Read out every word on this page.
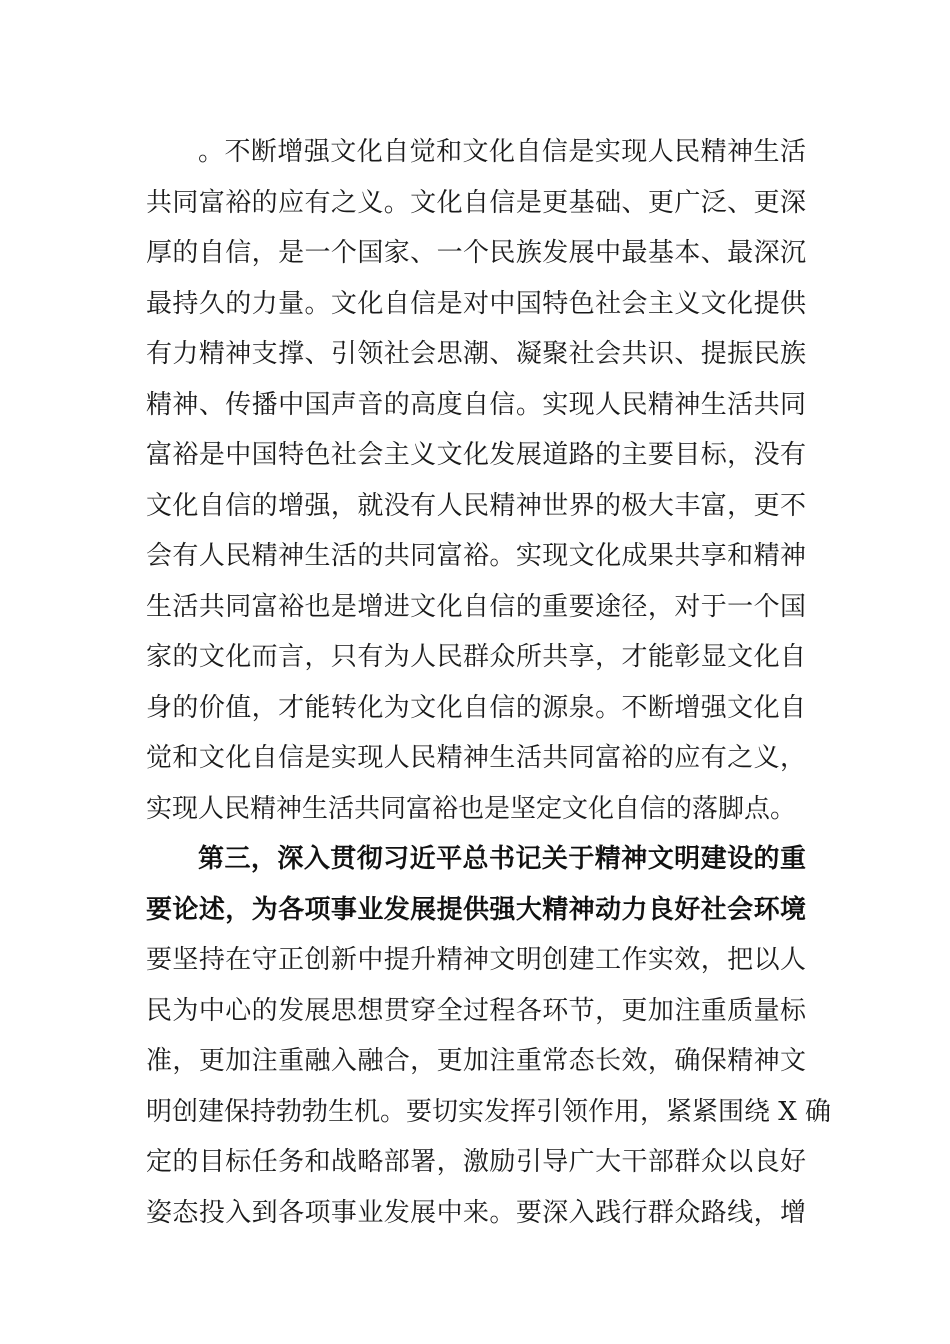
。不断增强文化自觉和文化自信是实现人民精神生活
共同富裕的应有之义。文化自信是更基础、更广泛、更深
厚的自信，是一个国家、一个民族发展中最基本、最深沉
最持久的力量。文化自信是对中国特色社会主义文化提供
有力精神支撑、引领社会思潮、凝聚社会共识、提振民族
精神、传播中国声音的高度自信。实现人民精神生活共同
富裕是中国特色社会主义文化发展道路的主要目标，没有
文化自信的增强，就没有人民精神世界的极大丰富，更不
会有人民精神生活的共同富裕。实现文化成果共享和精神
生活共同富裕也是增进文化自信的重要途径，对于一个国
家的文化而言，只有为人民群众所共享，才能彰显文化自
身的价值，才能转化为文化自信的源泉。不断增强文化自
觉和文化自信是实现人民精神生活共同富裕的应有之义，
实现人民精神生活共同富裕也是坚定文化自信的落脚点。
第三，深入贯彻习近平总书记关于精神文明建设的重
要论述，为各项事业发展提供强大精神动力良好社会环境
要坚持在守正创新中提升精神文明创建工作实效，把以人
民为中心的发展思想贯穿全过程各环节，更加注重质量标
准，更加注重融入融合，更加注重常态长效，确保精神文
明创建保持勃勃生机。要切实发挥引领作用，紧紧围绕 X 确
定的目标任务和战略部署，激励引导广大干部群众以良好
姿态投入到各项事业发展中来。要深入践行群众路线，增
